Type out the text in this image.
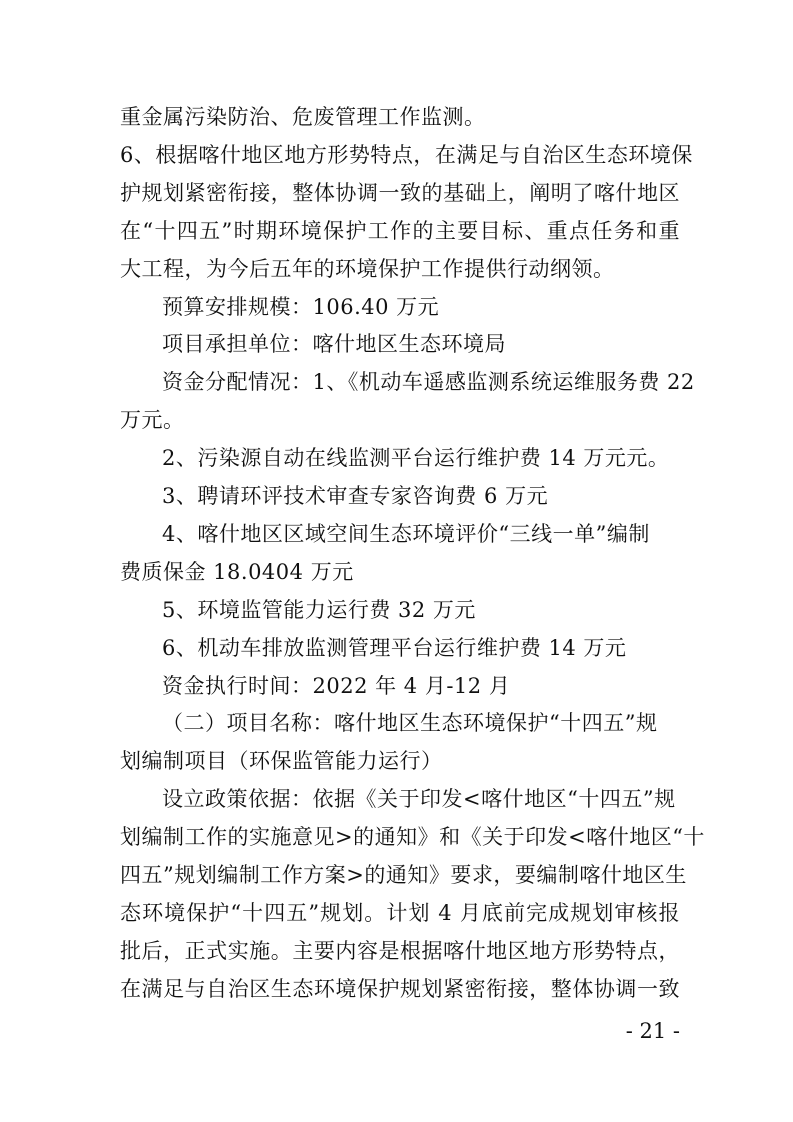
重金属污染防治、危废管理工作监测。
6、根据喀什地区地方形势特点，在满足与自治区生态环境保
护规划紧密衔接，整体协调一致的基础上，阐明了喀什地区
在“十四五”时期环境保护工作的主要目标、重点任务和重
大工程，为今后五年的环境保护工作提供行动纲领。
预算安排规模：106.40 万元
项目承担单位：喀什地区生态环境局
资金分配情况：1、《机动车遥感监测系统运维服务费 22
万元。
2、污染源自动在线监测平台运行维护费 14 万元元。
3、聘请环评技术审查专家咨询费 6 万元
4、喀什地区区域空间生态环境评价“三线一单”编制
费质保金 18.0404 万元
5、环境监管能力运行费 32 万元
6、机动车排放监测管理平台运行维护费 14 万元
资金执行时间：2022 年 4 月-12 月
（二）项目名称：喀什地区生态环境保护“十四五”规
划编制项目（环保监管能力运行）
设立政策依据：依据《关于印发<喀什地区“十四五”规
划编制工作的实施意见>的通知》和《关于印发<喀什地区“十
四五”规划编制工作方案>的通知》要求，要编制喀什地区生
态环境保护“十四五”规划。计划 4 月底前完成规划审核报
批后，正式实施。主要内容是根据喀什地区地方形势特点，
在满足与自治区生态环境保护规划紧密衔接，整体协调一致
- 21 -
